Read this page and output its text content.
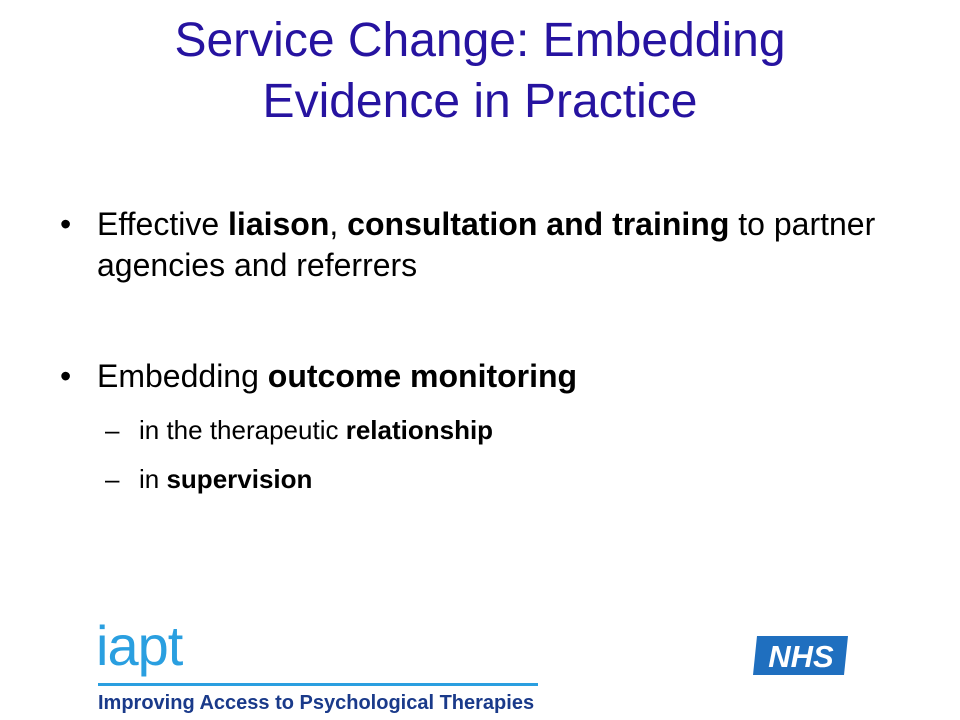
Service Change: Embedding
Evidence in Practice
• Effective liaison, consultation and training to partner agencies and referrers
• Embedding outcome monitoring
– in the therapeutic relationship
– in supervision
iapt
Improving Access to Psychological Therapies
NHS
